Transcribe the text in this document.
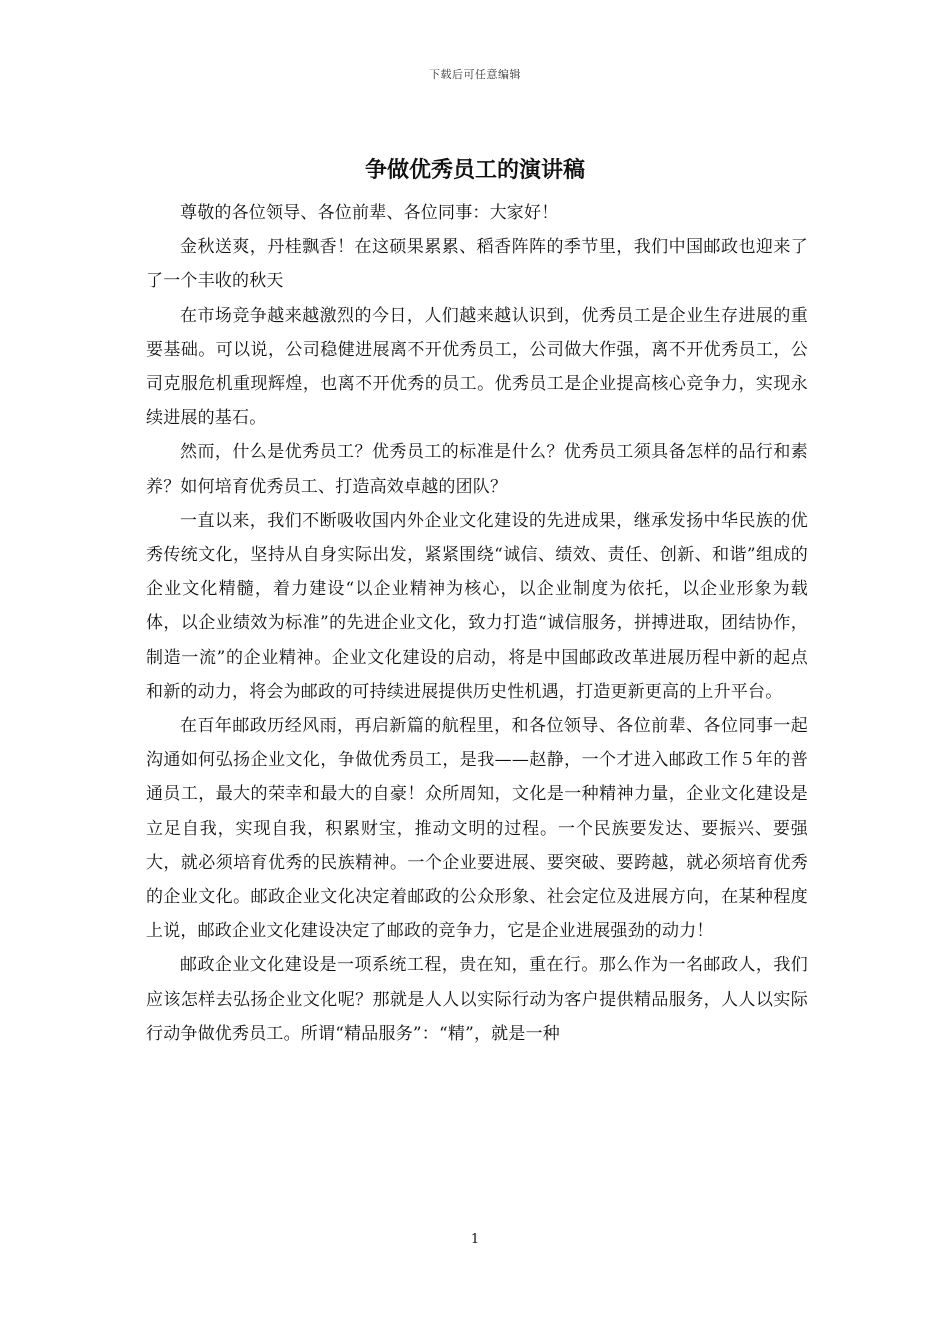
下载后可任意编辑
争做优秀员工的演讲稿

尊敬的各位领导、各位前辈、各位同事：大家好！

金秋送爽，丹桂飘香！在这硕果累累、稻香阵阵的季节里，我们中国邮政也迎来了了一个丰收的秋天

在市场竞争越来越激烈的今日，人们越来越认识到，优秀员工是企业生存进展的重要基础。可以说，公司稳健进展离不开优秀员工，公司做大作强，离不开优秀员工，公司克服危机重现辉煌，也离不开优秀的员工。优秀员工是企业提高核心竞争力，实现永续进展的基石。

然而，什么是优秀员工？优秀员工的标准是什么？优秀员工须具备怎样的品行和素养？如何培育优秀员工、打造高效卓越的团队？

一直以来，我们不断吸收国内外企业文化建设的先进成果，继承发扬中华民族的优秀传统文化，坚持从自身实际出发，紧紧围绕“诚信、绩效、责任、创新、和谐”组成的企业文化精髓，着力建设“以企业精神为核心，以企业制度为依托，以企业形象为载体，以企业绩效为标准”的先进企业文化，致力打造“诚信服务，拼搏进取，团结协作，制造一流”的企业精神。企业文化建设的启动，将是中国邮政改革进展历程中新的起点和新的动力，将会为邮政的可持续进展提供历史性机遇，打造更新更高的上升平台。

在百年邮政历经风雨，再启新篇的航程里，和各位领导、各位前辈、各位同事一起沟通如何弘扬企业文化，争做优秀员工，是我——赵静，一个才进入邮政工作５年的普通员工，最大的荣幸和最大的自豪！众所周知，文化是一种精神力量，企业文化建设是立足自我，实现自我，积累财宝，推动文明的过程。一个民族要发达、要振兴、要强大，就必须培育优秀的民族精神。一个企业要进展、要突破、要跨越，就必须培育优秀的企业文化。邮政企业文化决定着邮政的公众形象、社会定位及进展方向，在某种程度上说，邮政企业文化建设决定了邮政的竞争力，它是企业进展强劲的动力！

邮政企业文化建设是一项系统工程，贵在知，重在行。那么作为一名邮政人，我们应该怎样去弘扬企业文化呢？那就是人人以实际行动为客户提供精品服务，人人以实际行动争做优秀员工。所谓“精品服务”：“精”，就是一种

1
